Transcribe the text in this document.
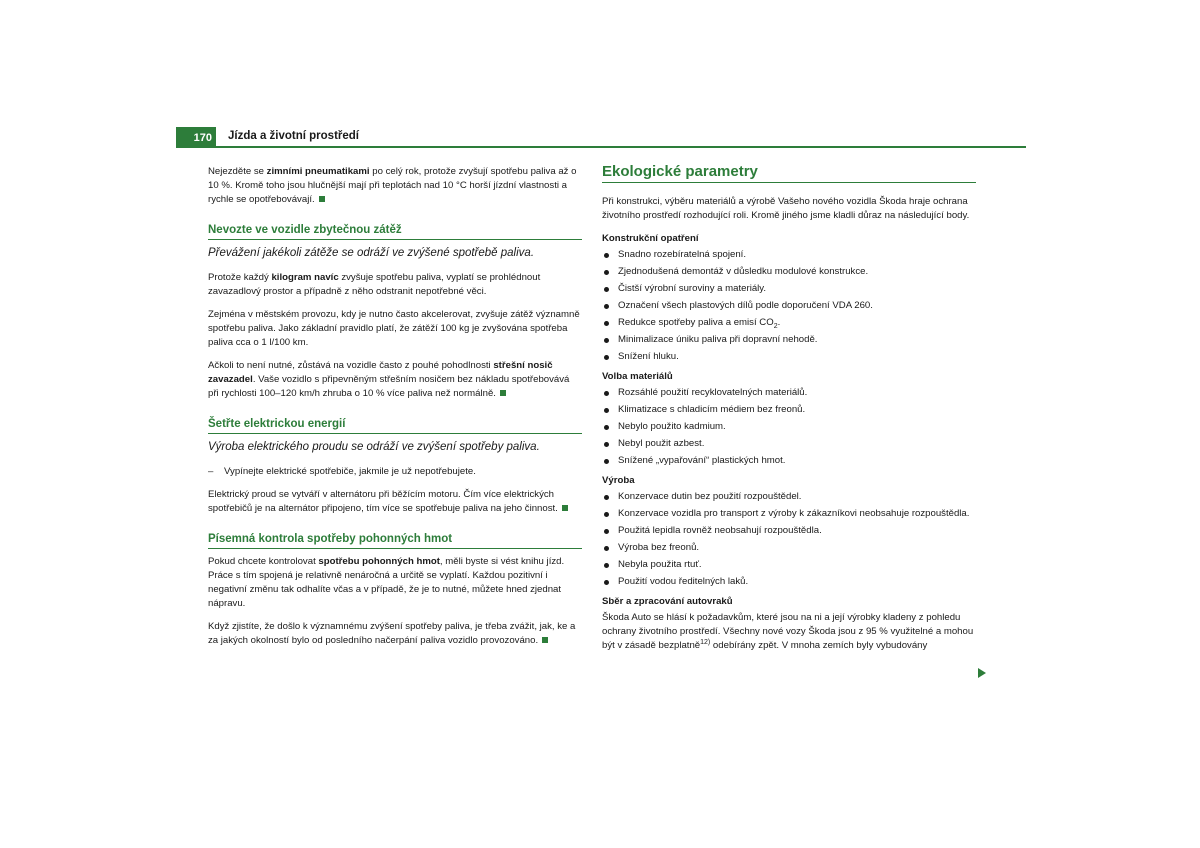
170	Jízda a životní prostředí

Nejezděte se zimními pneumatikami po celý rok, protože zvyšují spotřebu paliva až o 10 %. Kromě toho jsou hlučnější mají při teplotách nad 10 °C horší jízdní vlastnosti a rychle se opotřebovávají.

Nevozte ve vozidle zbytečnou zátěž

Převážení jakékoli zátěže se odráží ve zvýšené spotřebě paliva.

Protože každý kilogram navíc zvyšuje spotřebu paliva, vyplatí se prohlédnout zavazadlový prostor a případně z něho odstranit nepotřebné věci.

Zejména v městském provozu, kdy je nutno často akcelerovat, zvyšuje zátěž významně spotřebu paliva. Jako základní pravidlo platí, že zátěží 100 kg je zvyšována spotřeba paliva cca o 1 l/100 km.

Ačkoli to není nutné, zůstává na vozidle často z pouhé pohodlnosti střešní nosič zavazadel. Vaše vozidlo s připevněným střešním nosičem bez nákladu spotřebovává při rychlosti 100–120 km/h zhruba o 10 % více paliva než normálně.

Šetřte elektrickou energií

Výroba elektrického proudu se odráží ve zvýšení spotřeby paliva.

– Vypínejte elektrické spotřebiče, jakmile je už nepotřebujete.

Elektrický proud se vytváří v alternátoru při běžícím motoru. Čím více elektrických spotřebičů je na alternátor připojeno, tím více se spotřebuje paliva na jeho činnost.

Písemná kontrola spotřeby pohonných hmot

Pokud chcete kontrolovat spotřebu pohonných hmot, měli byste si vést knihu jízd. Práce s tím spojená je relativně nenáročná a určitě se vyplatí. Každou pozitivní i negativní změnu tak odhalíte včas a v případě, že je to nutné, můžete hned zjednat nápravu.

Když zjistíte, že došlo k významnému zvýšení spotřeby paliva, je třeba zvážit, jak, ke a za jakých okolností bylo od posledního načerpání paliva vozidlo provozováno.

Ekologické parametry

Při konstrukci, výběru materiálů a výrobě Vašeho nového vozidla Škoda hraje ochrana životního prostředí rozhodující roli. Kromě jiného jsme kladli důraz na následující body.

Konstrukční opatření
Snadno rozebíratelná spojení.
Zjednodušená demontáž v důsledku modulové konstrukce.
Čistší výrobní suroviny a materiály.
Označení všech plastových dílů podle doporučení VDA 260.
Redukce spotřeby paliva a emisí $CO_2$.
Minimalizace úniku paliva při dopravní nehodě.
Snížení hluku.
Volba materiálů
Rozsáhlé použití recyklovatelných materiálů.
Klimatizace s chladicím médiem bez freonů.
Nebylo použito kadmium.
Nebyl použit azbest.
Snížené „vypařování“ plastických hmot.
Výroba
Konzervace dutin bez použití rozpouštědel.
Konzervace vozidla pro transport z výroby k zákazníkovi neobsahuje rozpouštědla.
Použitá lepidla rovněž neobsahují rozpouštědla.
Výroba bez freonů.
Nebyla použita rtuť.
Použití vodou ředitelných laků.
Sběr a zpracování autovraků

Škoda Auto se hlásí k požadavkům, které jsou na ni a její výrobky kladeny z pohledu ochrany životního prostředí. Všechny nové vozy Škoda jsou z 95 % využitelné a mohou být v zásadě bezplatně$^{12)}$ odebírány zpět. V mnoha zemích byly vybudovány
